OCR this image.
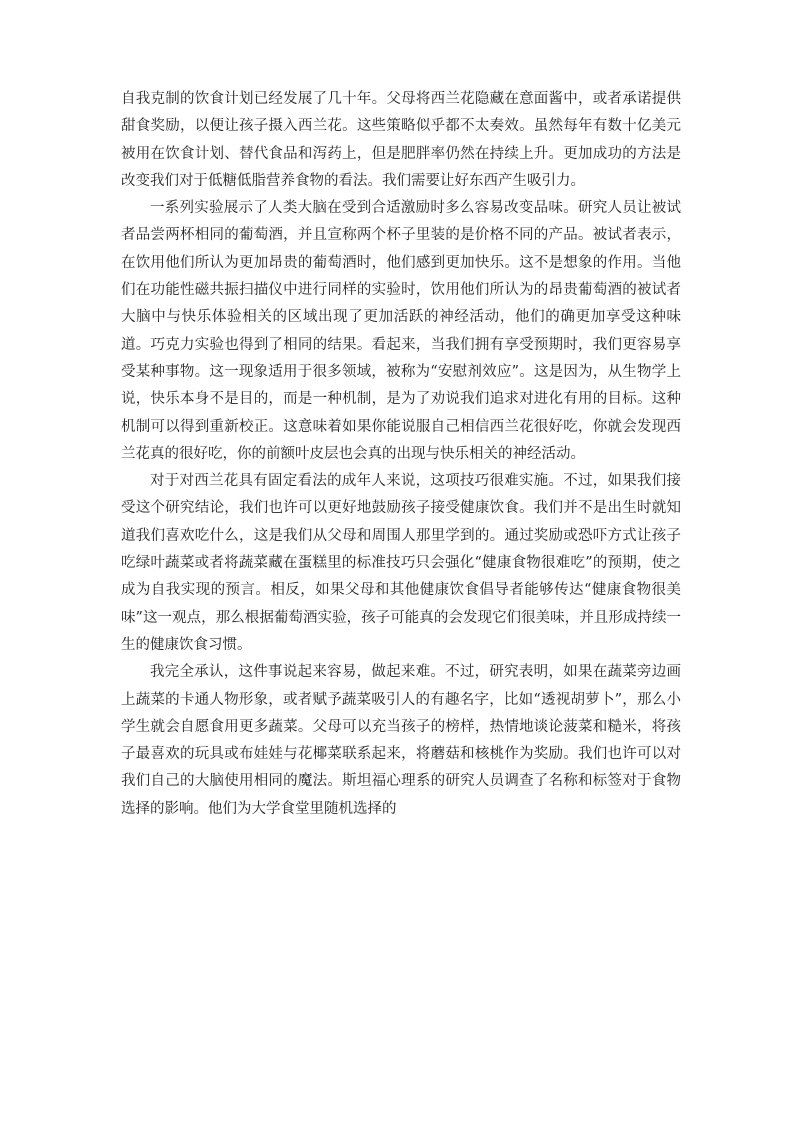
自我克制的饮食计划已经发展了几十年。父母将西兰花隐藏在意面酱中，或者承诺提供甜食奖励，以便让孩子摄入西兰花。这些策略似乎都不太奏效。虽然每年有数十亿美元被用在饮食计划、替代食品和泻药上，但是肥胖率仍然在持续上升。更加成功的方法是改变我们对于低糖低脂营养食物的看法。我们需要让好东西产生吸引力。

一系列实验展示了人类大脑在受到合适激励时多么容易改变品味。研究人员让被试者品尝两杯相同的葡萄酒，并且宣称两个杯子里装的是价格不同的产品。被试者表示，在饮用他们所认为更加昂贵的葡萄酒时，他们感到更加快乐。这不是想象的作用。当他们在功能性磁共振扫描仪中进行同样的实验时，饮用他们所认为的昂贵葡萄酒的被试者大脑中与快乐体验相关的区域出现了更加活跃的神经活动，他们的确更加享受这种味道。巧克力实验也得到了相同的结果。看起来，当我们拥有享受预期时，我们更容易享受某种事物。这一现象适用于很多领域，被称为“安慰剂效应”。这是因为，从生物学上说，快乐本身不是目的，而是一种机制，是为了劝说我们追求对进化有用的目标。这种机制可以得到重新校正。这意味着如果你能说服自己相信西兰花很好吃，你就会发现西兰花真的很好吃，你的前额叶皮层也会真的出现与快乐相关的神经活动。

对于对西兰花具有固定看法的成年人来说，这项技巧很难实施。不过，如果我们接受这个研究结论，我们也许可以更好地鼓励孩子接受健康饮食。我们并不是出生时就知道我们喜欢吃什么，这是我们从父母和周围人那里学到的。通过奖励或恐吓方式让孩子吃绿叶蔬菜或者将蔬菜藏在蛋糕里的标准技巧只会强化“健康食物很难吃”的预期，使之成为自我实现的预言。相反，如果父母和其他健康饮食倡导者能够传达“健康食物很美味”这一观点，那么根据葡萄酒实验，孩子可能真的会发现它们很美味，并且形成持续一生的健康饮食习惯。

我完全承认，这件事说起来容易，做起来难。不过，研究表明，如果在蔬菜旁边画上蔬菜的卡通人物形象，或者赋予蔬菜吸引人的有趣名字，比如“透视胡萝卜”，那么小学生就会自愿食用更多蔬菜。父母可以充当孩子的榜样，热情地谈论菠菜和糙米，将孩子最喜欢的玩具或布娃娃与花椰菜联系起来，将蘑菇和核桃作为奖励。我们也许可以对我们自己的大脑使用相同的魔法。斯坦福心理系的研究人员调查了名称和标签对于食物选择的影响。他们为大学食堂里随机选择的
